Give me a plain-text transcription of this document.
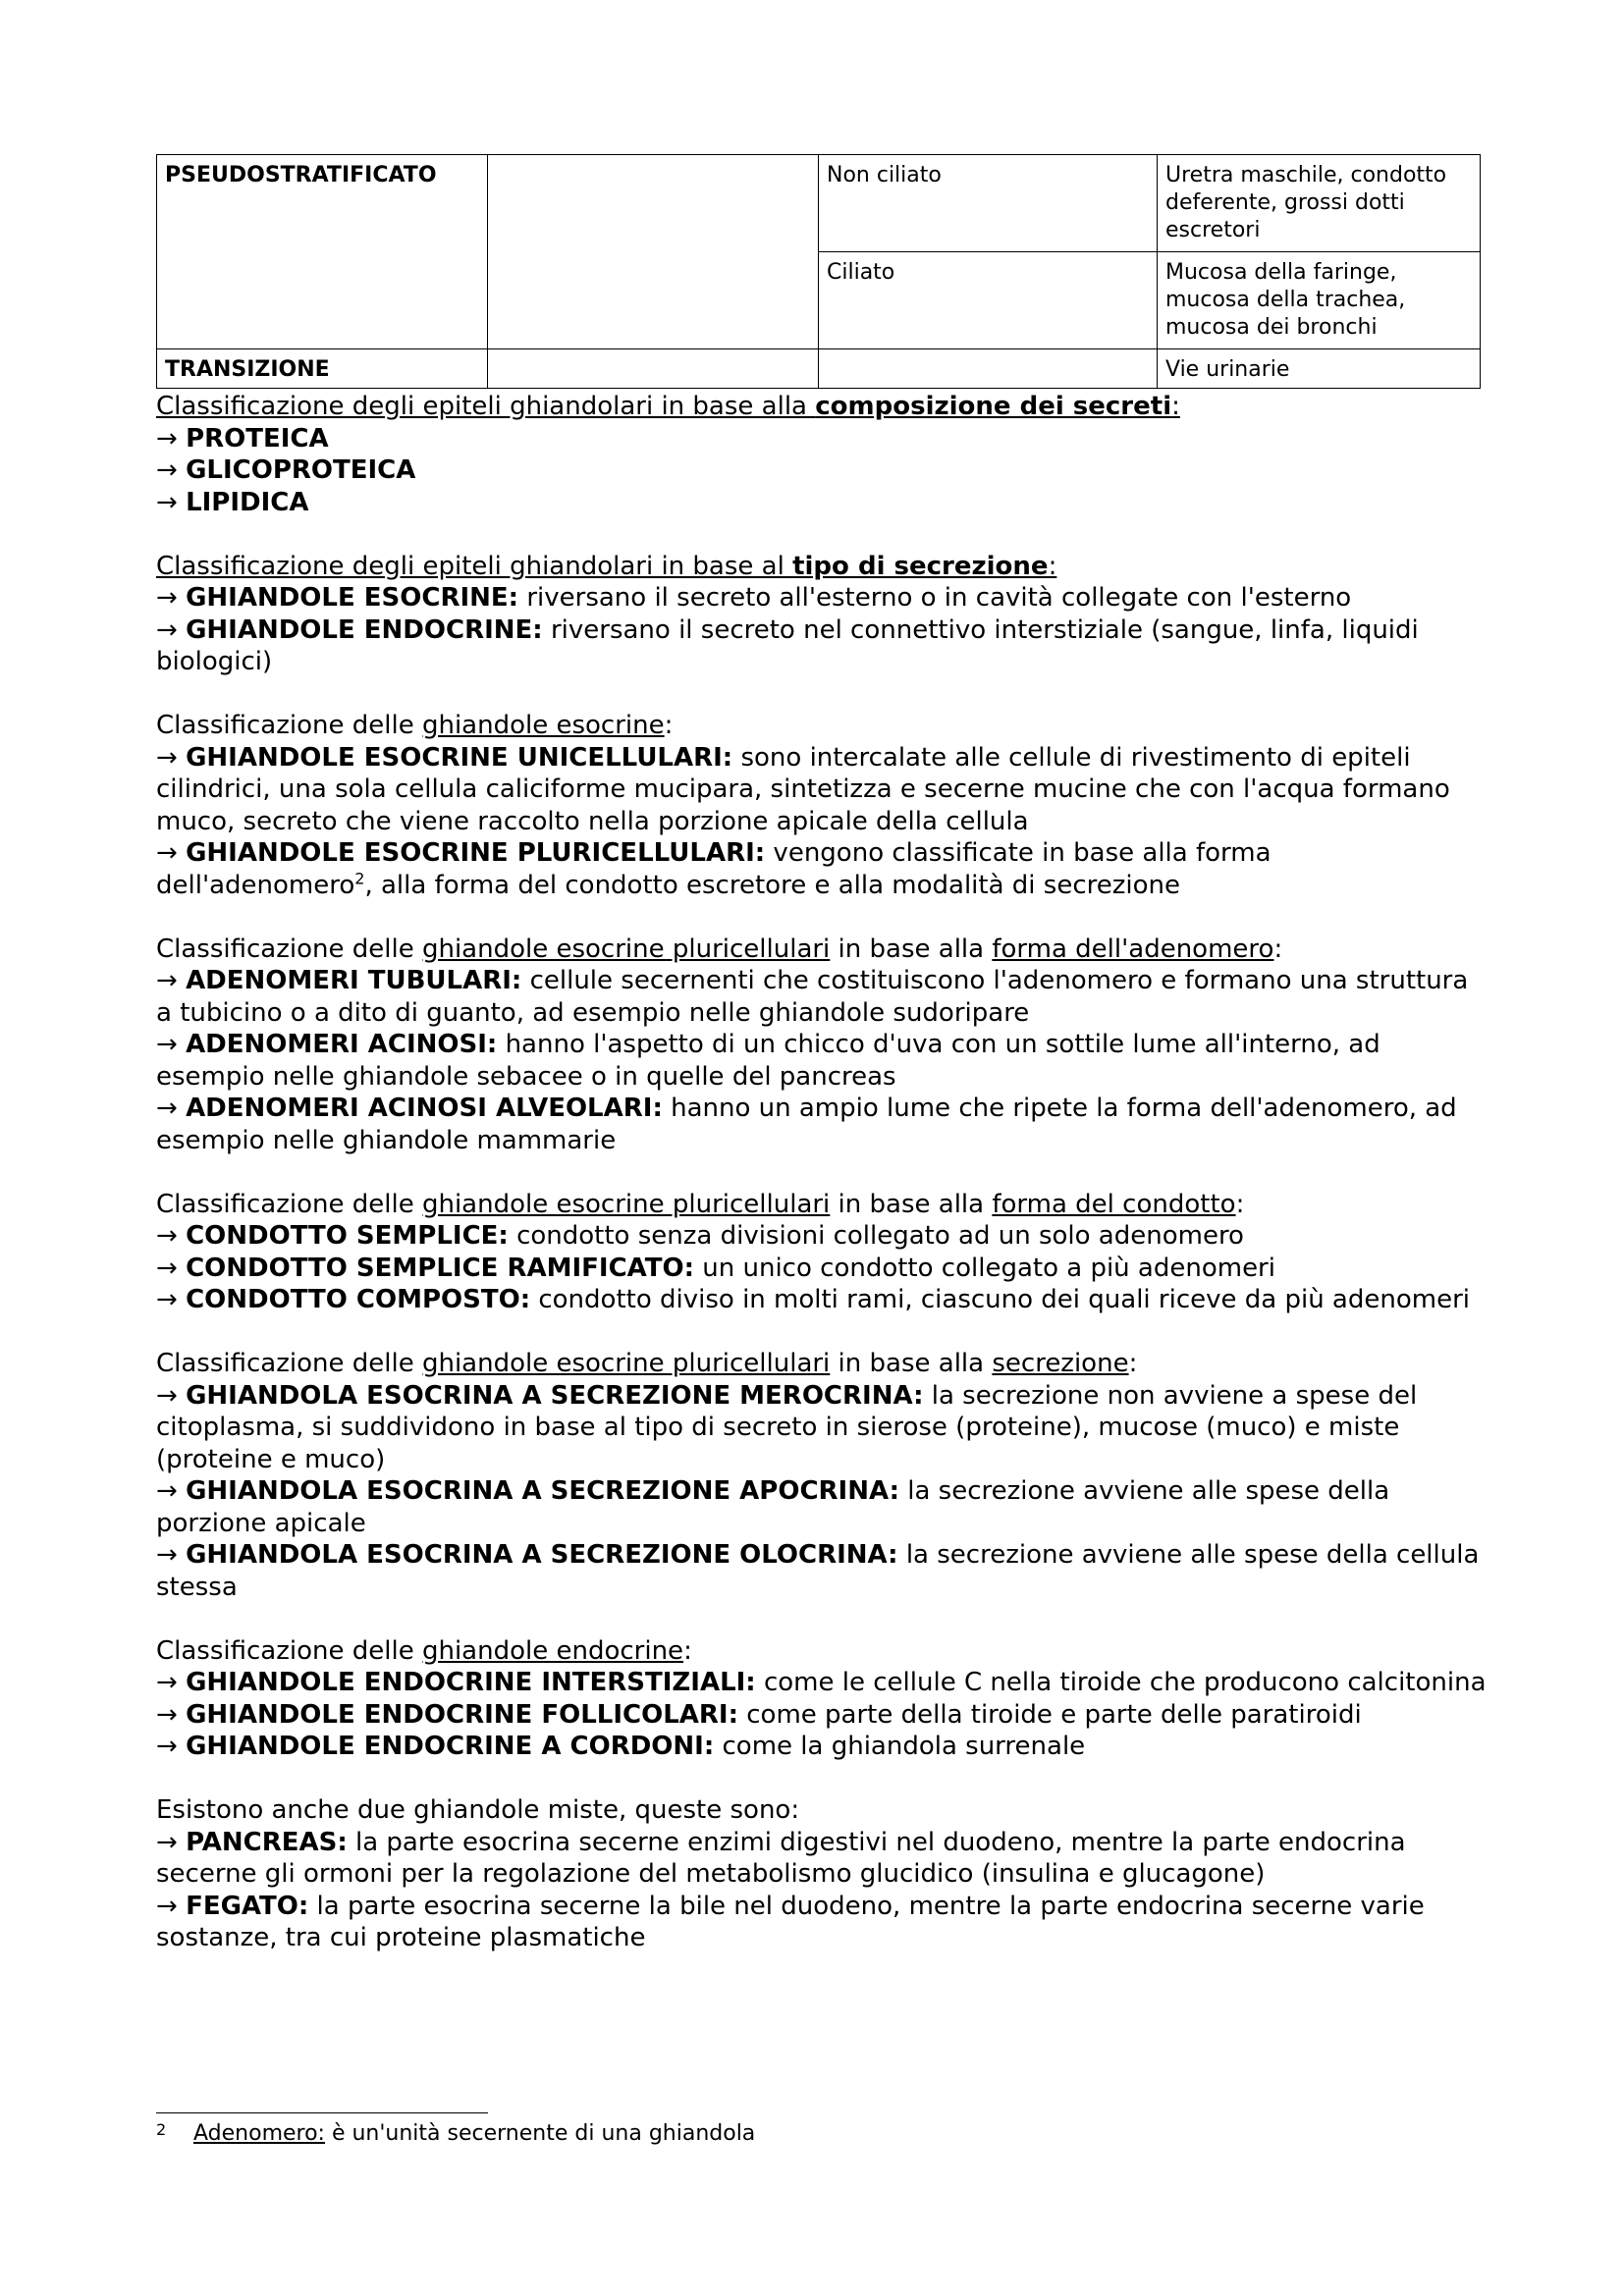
PSEUDOSTRATIFICATO		Non ciliato	Uretra maschile, condotto deferente, grossi dotti escretori
		Ciliato	Mucosa della faringe, mucosa della trachea, mucosa dei bronchi
TRANSIZIONE			Vie urinarie

Classificazione degli epiteli ghiandolari in base alla composizione dei secreti:

→ PROTEICA

→ GLICOPROTEICA

→ LIPIDICA

Classificazione degli epiteli ghiandolari in base al tipo di secrezione:

→ GHIANDOLE ESOCRINE: riversano il secreto all'esterno o in cavità collegate con l'esterno

→ GHIANDOLE ENDOCRINE: riversano il secreto nel connettivo interstiziale (sangue, linfa, liquidi biologici)

Classificazione delle ghiandole esocrine:

→ GHIANDOLE ESOCRINE UNICELLULARI: sono intercalate alle cellule di rivestimento di epiteli cilindrici, una sola cellula caliciforme mucipara, sintetizza e secerne mucine che con l'acqua formano muco, secreto che viene raccolto nella porzione apicale della cellula

→ GHIANDOLE ESOCRINE PLURICELLULARI: vengono classificate in base alla forma dell'adenomero$^2$, alla forma del condotto escretore e alla modalità di secrezione

Classificazione delle ghiandole esocrine pluricellulari in base alla forma dell'adenomero:

→ ADENOMERI TUBULARI: cellule secernenti che costituiscono l'adenomero e formano una struttura a tubicino o a dito di guanto, ad esempio nelle ghiandole sudoripare

→ ADENOMERI ACINOSI: hanno l'aspetto di un chicco d'uva con un sottile lume all'interno, ad esempio nelle ghiandole sebacee o in quelle del pancreas

→ ADENOMERI ACINOSI ALVEOLARI: hanno un ampio lume che ripete la forma dell'adenomero, ad esempio nelle ghiandole mammarie

Classificazione delle ghiandole esocrine pluricellulari in base alla forma del condotto:

→ CONDOTTO SEMPLICE: condotto senza divisioni collegato ad un solo adenomero

→ CONDOTTO SEMPLICE RAMIFICATO: un unico condotto collegato a più adenomeri

→ CONDOTTO COMPOSTO: condotto diviso in molti rami, ciascuno dei quali riceve da più adenomeri

Classificazione delle ghiandole esocrine pluricellulari in base alla secrezione:

→ GHIANDOLA ESOCRINA A SECREZIONE MEROCRINA: la secrezione non avviene a spese del citoplasma, si suddividono in base al tipo di secreto in sierose (proteine), mucose (muco) e miste (proteine e muco)

→ GHIANDOLA ESOCRINA A SECREZIONE APOCRINA: la secrezione avviene alle spese della porzione apicale

→ GHIANDOLA ESOCRINA A SECREZIONE OLOCRINA: la secrezione avviene alle spese della cellula stessa

Classificazione delle ghiandole endocrine:

→ GHIANDOLE ENDOCRINE INTERSTIZIALI: come le cellule C nella tiroide che producono calcitonina

→ GHIANDOLE ENDOCRINE FOLLICOLARI: come parte della tiroide e parte delle paratiroidi

→ GHIANDOLE ENDOCRINE A CORDONI: come la ghiandola surrenale

Esistono anche due ghiandole miste, queste sono:

→ PANCREAS: la parte esocrina secerne enzimi digestivi nel duodeno, mentre la parte endocrina secerne gli ormoni per la regolazione del metabolismo glucidico (insulina e glucagone)

→ FEGATO: la parte esocrina secerne la bile nel duodeno, mentre la parte endocrina secerne varie sostanze, tra cui proteine plasmatiche

2 Adenomero: è un'unità secernente di una ghiandola
